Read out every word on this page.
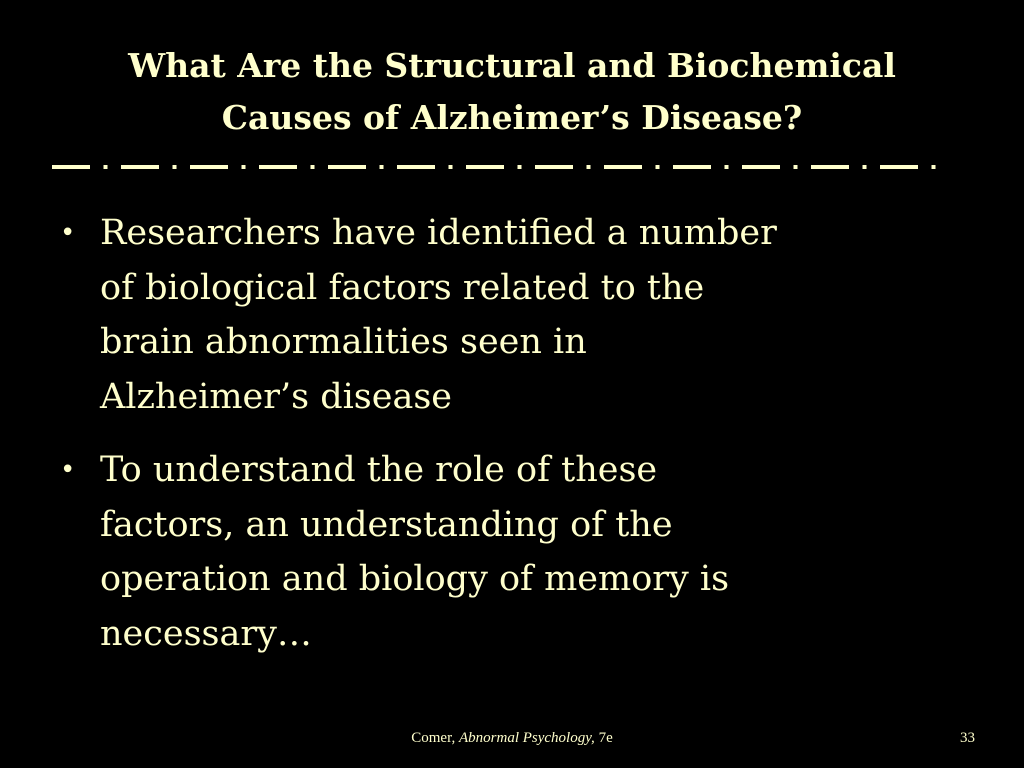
What Are the Structural and Biochemical
Causes of Alzheimer’s Disease?
• Researchers have identified a number
of biological factors related to the
brain abnormalities seen in
Alzheimer’s disease
• To understand the role of these
factors, an understanding of the
operation and biology of memory is
necessary…
Comer, Abnormal Psychology, 7e	33
